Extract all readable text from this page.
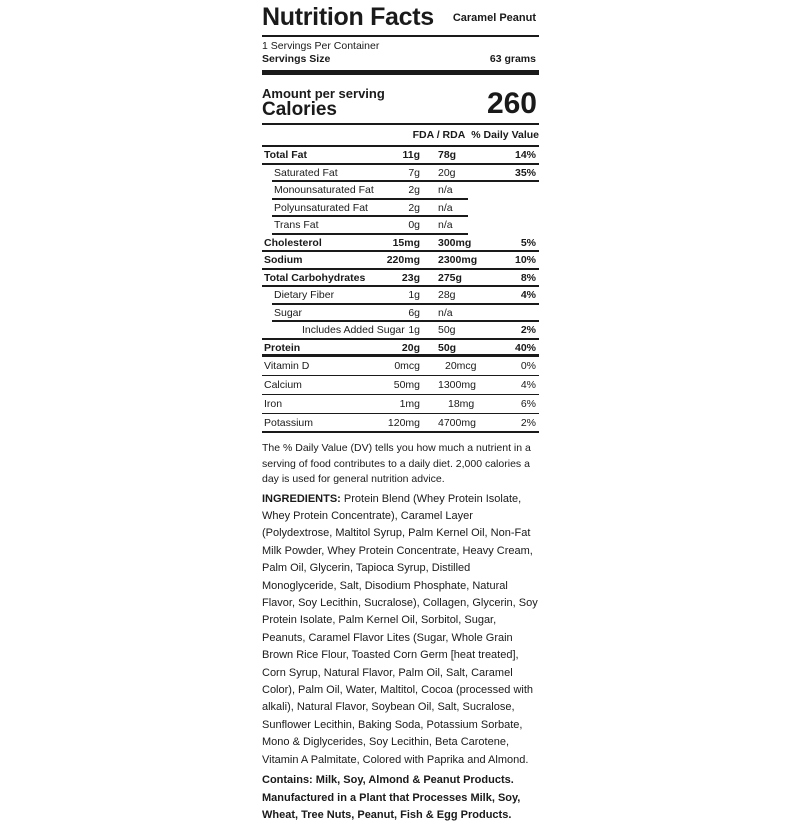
Nutrition Facts Caramel Peanut
1 Servings Per Container
Servings Size	63 grams
Amount per serving
Calories	260
FDA / RDA % Daily Value
Total Fat	11g 78g	14%
Saturated Fat	7g 20g	35%
Monounsaturated Fat	2g n/a
Polyunsaturated Fat	2g n/a
Trans Fat	0g n/a
Cholesterol	15mg 300mg	5%
Sodium	220mg 2300mg	10%
Total Carbohydrates	23g 275g	8%
Dietary Fiber	1g 28g	4%
Sugar	6g n/a
Includes Added Sugar 1g 50g	2%
Protein	20g 50g	40%
Vitamin D	0mcg 20mcg	0%
Calcium	50mg 1300mg	4%
Iron	1mg	18mg	6%
Potassium	120mg 4700mg	2%
The % Daily Value (DV) tells you how much a nutrient in a serving of food contributes to a daily diet. 2,000 calories a day is used for general nutrition advice.
INGREDIENTS: Protein Blend (Whey Protein Isolate, Whey Protein Concentrate), Caramel Layer (Polydextrose, Maltitol Syrup, Palm Kernel Oil, Non-Fat Milk Powder, Whey Protein Concentrate, Heavy Cream, Palm Oil, Glycerin, Tapioca Syrup, Distilled Monoglyceride, Salt, Disodium Phosphate, Natural Flavor, Soy Lecithin, Sucralose), Collagen, Glycerin, Soy Protein Isolate, Palm Kernel Oil, Sorbitol, Sugar, Peanuts, Caramel Flavor Lites (Sugar, Whole Grain Brown Rice Flour, Toasted Corn Germ [heat treated], Corn Syrup, Natural Flavor, Palm Oil, Salt, Caramel Color), Palm Oil, Water, Maltitol, Cocoa (processed with alkali), Natural Flavor, Soybean Oil, Salt, Sucralose, Sunflower Lecithin, Baking Soda, Potassium Sorbate, Mono & Diglycerides, Soy Lecithin, Beta Carotene, Vitamin A Palmitate, Colored with Paprika and Almond.
Contains: Milk, Soy, Almond & Peanut Products. Manufactured in a Plant that Processes Milk, Soy, Wheat, Tree Nuts, Peanut, Fish & Egg Products.
